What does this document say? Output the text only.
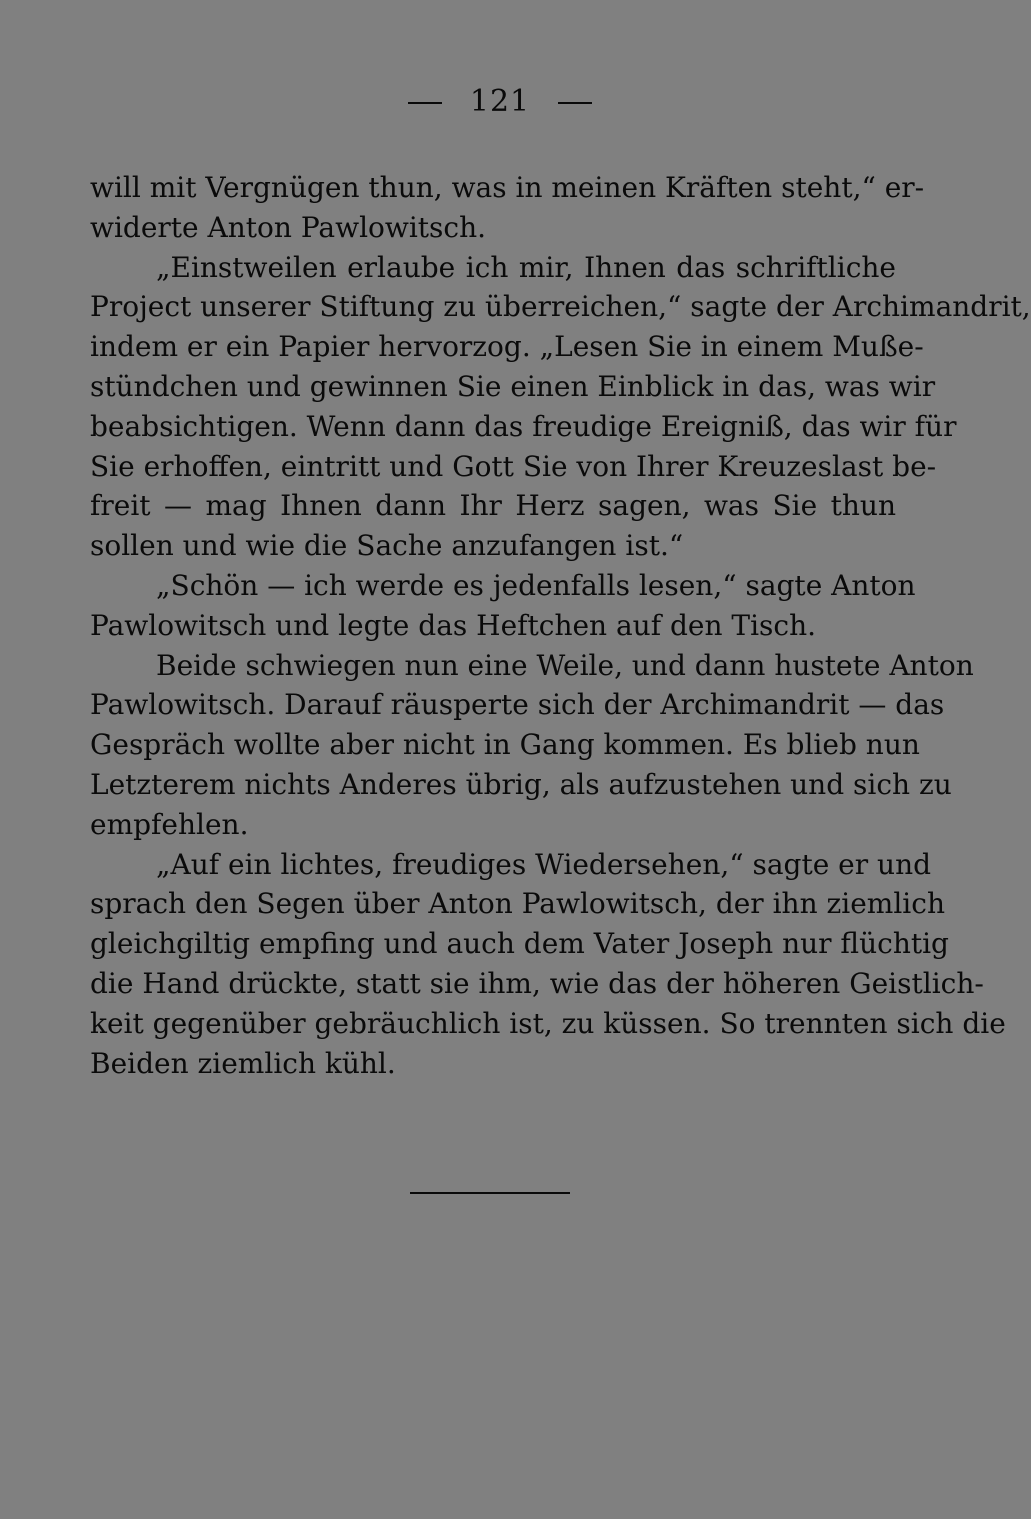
121
will mit Vergnügen thun, was in meinen Kräften steht,“ er-
widerte Anton Pawlowitsch.
„Einstweilen erlaube ich mir, Ihnen das schriftliche
Project unserer Stiftung zu überreichen,“ sagte der Archimandrit,
indem er ein Papier hervorzog. „Lesen Sie in einem Muße-
stündchen und gewinnen Sie einen Einblick in das, was wir
beabsichtigen. Wenn dann das freudige Ereigniß, das wir für
Sie erhoffen, eintritt und Gott Sie von Ihrer Kreuzeslast be-
freit — mag Ihnen dann Ihr Herz sagen, was Sie thun
sollen und wie die Sache anzufangen ist.“
„Schön — ich werde es jedenfalls lesen,“ sagte Anton
Pawlowitsch und legte das Heftchen auf den Tisch.
Beide schwiegen nun eine Weile, und dann hustete Anton
Pawlowitsch. Darauf räusperte sich der Archimandrit — das
Gespräch wollte aber nicht in Gang kommen. Es blieb nun
Letzterem nichts Anderes übrig, als aufzustehen und sich zu
empfehlen.
„Auf ein lichtes, freudiges Wiedersehen,“ sagte er und
sprach den Segen über Anton Pawlowitsch, der ihn ziemlich
gleichgiltig empfing und auch dem Vater Joseph nur flüchtig
die Hand drückte, statt sie ihm, wie das der höheren Geistlich-
keit gegenüber gebräuchlich ist, zu küssen. So trennten sich die
Beiden ziemlich kühl.
